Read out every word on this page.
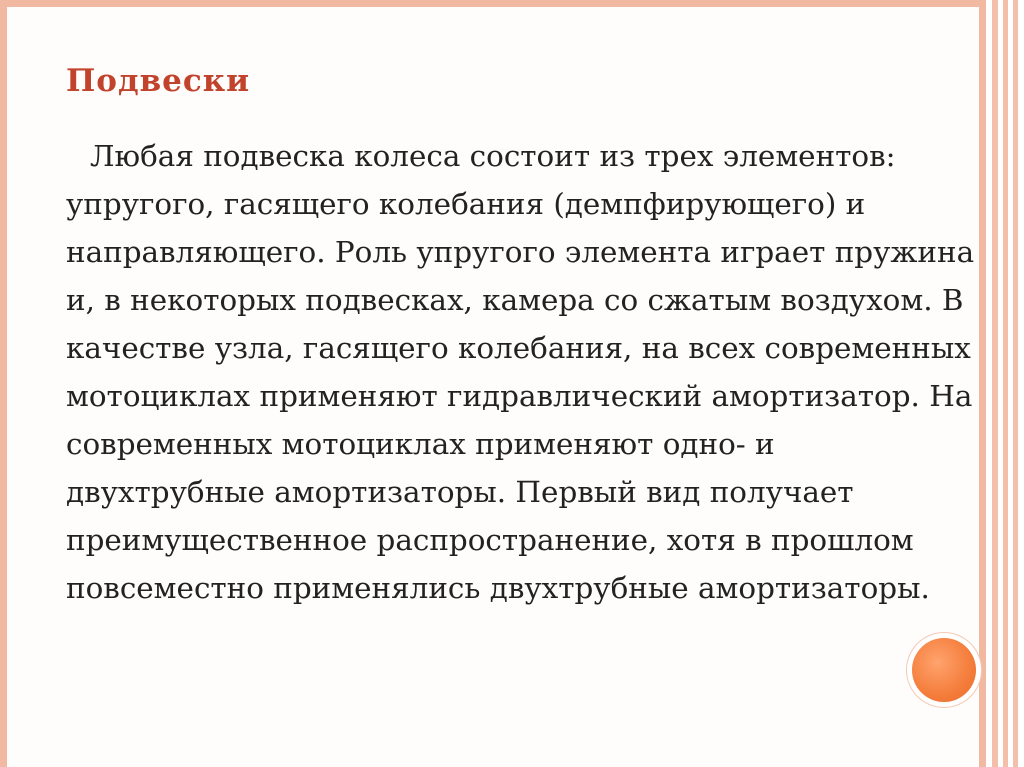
Подвески

Любая подвеска колеса состоит из трех элементов: упругого, гасящего колебания (демпфирующего) и направляющего. Роль упругого элемента играет пружина и, в некоторых подвесках, камера со сжатым воздухом. В качестве узла, гасящего колебания, на всех современных мотоциклах применяют гидравлический амортизатор. На современных мотоциклах применяют одно- и двухтрубные амортизаторы. Первый вид получает преимущественное распространение, хотя в прошлом повсеместно применялись двухтрубные амортизаторы.
